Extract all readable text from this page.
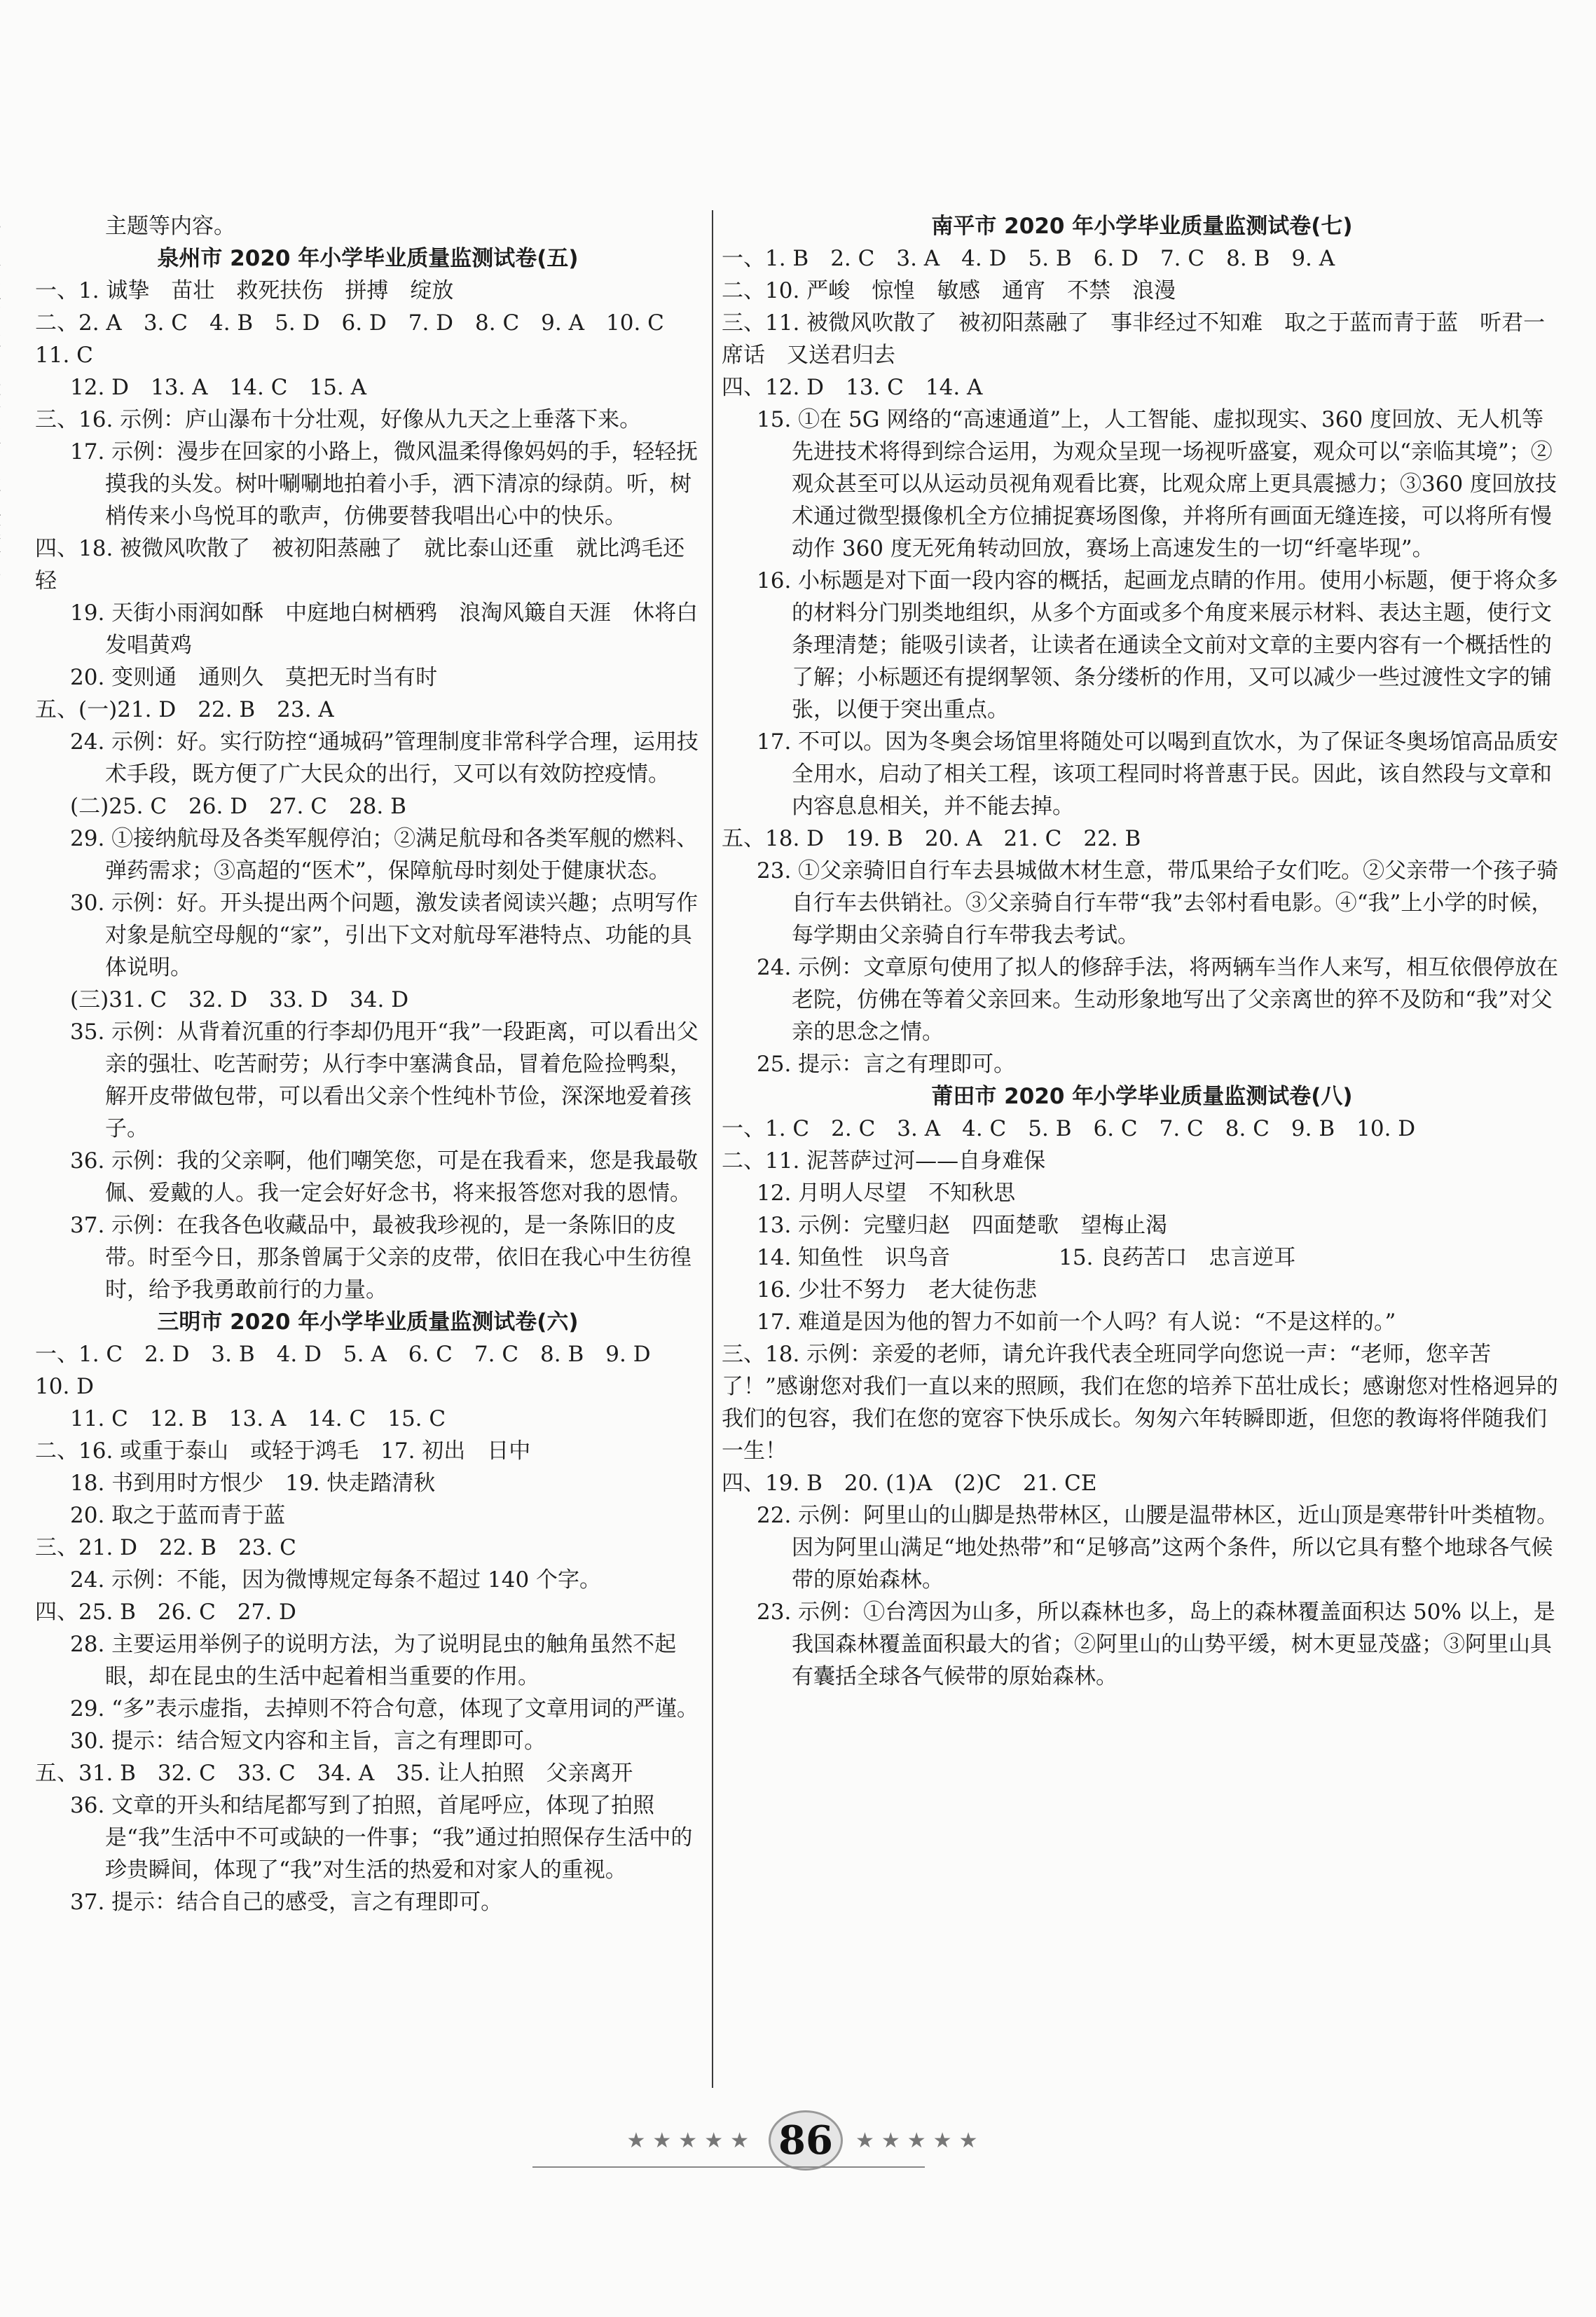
主题等内容。

泉州市 2020 年小学毕业质量监测试卷(五)

一、1. 诚挚　苗壮　救死扶伤　拼搏　绽放

二、2. A　3. C　4. B　5. D　6. D　7. D　8. C　9. A　10. C　11. C

12. D　13. A　14. C　15. A

三、16. 示例：庐山瀑布十分壮观，好像从九天之上垂落下来。

17. 示例：漫步在回家的小路上，微风温柔得像妈妈的手，轻轻抚摸我的头发。树叶唰唰地拍着小手，洒下清凉的绿荫。听，树梢传来小鸟悦耳的歌声，仿佛要替我唱出心中的快乐。

四、18. 被微风吹散了　被初阳蒸融了　就比泰山还重　就比鸿毛还轻

19. 天街小雨润如酥　中庭地白树栖鸦　浪淘风簸自天涯　休将白发唱黄鸡

20. 变则通　通则久　莫把无时当有时

五、(一)21. D　22. B　23. A

24. 示例：好。实行防控“通城码”管理制度非常科学合理，运用技术手段，既方便了广大民众的出行，又可以有效防控疫情。

(二)25. C　26. D　27. C　28. B

29. ①接纳航母及各类军舰停泊；②满足航母和各类军舰的燃料、弹药需求；③高超的“医术”，保障航母时刻处于健康状态。

30. 示例：好。开头提出两个问题，激发读者阅读兴趣；点明写作对象是航空母舰的“家”，引出下文对航母军港特点、功能的具体说明。

(三)31. C　32. D　33. D　34. D

35. 示例：从背着沉重的行李却仍甩开“我”一段距离，可以看出父亲的强壮、吃苦耐劳；从行李中塞满食品，冒着危险捡鸭梨，解开皮带做包带，可以看出父亲个性纯朴节俭，深深地爱着孩子。

36. 示例：我的父亲啊，他们嘲笑您，可是在我看来，您是我最敬佩、爱戴的人。我一定会好好念书，将来报答您对我的恩情。

37. 示例：在我各色收藏品中，最被我珍视的，是一条陈旧的皮带。时至今日，那条曾属于父亲的皮带，依旧在我心中生彷徨时，给予我勇敢前行的力量。

三明市 2020 年小学毕业质量监测试卷(六)

一、1. C　2. D　3. B　4. D　5. A　6. C　7. C　8. B　9. D　10. D

11. C　12. B　13. A　14. C　15. C

二、16. 或重于泰山　或轻于鸿毛　17. 初出　日中

18. 书到用时方恨少　19. 快走踏清秋

20. 取之于蓝而青于蓝

三、21. D　22. B　23. C

24. 示例：不能，因为微博规定每条不超过 140 个字。

四、25. B　26. C　27. D

28. 主要运用举例子的说明方法，为了说明昆虫的触角虽然不起眼，却在昆虫的生活中起着相当重要的作用。

29. “多”表示虚指，去掉则不符合句意，体现了文章用词的严谨。

30. 提示：结合短文内容和主旨，言之有理即可。

五、31. B　32. C　33. C　34. A　35. 让人拍照　父亲离开

36. 文章的开头和结尾都写到了拍照，首尾呼应，体现了拍照是“我”生活中不可或缺的一件事；“我”通过拍照保存生活中的珍贵瞬间，体现了“我”对生活的热爱和对家人的重视。

37. 提示：结合自己的感受，言之有理即可。

南平市 2020 年小学毕业质量监测试卷(七)

一、1. B　2. C　3. A　4. D　5. B　6. D　7. C　8. B　9. A

二、10. 严峻　惊惶　敏感　通宵　不禁　浪漫

三、11. 被微风吹散了　被初阳蒸融了　事非经过不知难　取之于蓝而青于蓝　听君一席话　又送君归去

四、12. D　13. C　14. A

15. ①在 5G 网络的“高速通道”上，人工智能、虚拟现实、360 度回放、无人机等先进技术将得到综合运用，为观众呈现一场视听盛宴，观众可以“亲临其境”；②观众甚至可以从运动员视角观看比赛，比观众席上更具震撼力；③360 度回放技术通过微型摄像机全方位捕捉赛场图像，并将所有画面无缝连接，可以将所有慢动作 360 度无死角转动回放，赛场上高速发生的一切“纤毫毕现”。

16. 小标题是对下面一段内容的概括，起画龙点睛的作用。使用小标题，便于将众多的材料分门别类地组织，从多个方面或多个角度来展示材料、表达主题，使行文条理清楚；能吸引读者，让读者在通读全文前对文章的主要内容有一个概括性的了解；小标题还有提纲挈领、条分缕析的作用，又可以减少一些过渡性文字的铺张，以便于突出重点。

17. 不可以。因为冬奥会场馆里将随处可以喝到直饮水，为了保证冬奥场馆高品质安全用水，启动了相关工程，该项工程同时将普惠于民。因此，该自然段与文章和内容息息相关，并不能去掉。

五、18. D　19. B　20. A　21. C　22. B

23. ①父亲骑旧自行车去县城做木材生意，带瓜果给子女们吃。②父亲带一个孩子骑自行车去供销社。③父亲骑自行车带“我”去邻村看电影。④“我”上小学的时候，每学期由父亲骑自行车带我去考试。

24. 示例：文章原句使用了拟人的修辞手法，将两辆车当作人来写，相互依偎停放在老院，仿佛在等着父亲回来。生动形象地写出了父亲离世的猝不及防和“我”对父亲的思念之情。

25. 提示：言之有理即可。

莆田市 2020 年小学毕业质量监测试卷(八)

一、1. C　2. C　3. A　4. C　5. B　6. C　7. C　8. C　9. B　10. D

二、11. 泥菩萨过河——自身难保

12. 月明人尽望　不知秋思

13. 示例：完璧归赵　四面楚歌　望梅止渴

14. 知鱼性　识鸟音　　　　　15. 良药苦口　忠言逆耳

16. 少壮不努力　老大徒伤悲

17. 难道是因为他的智力不如前一个人吗？有人说：“不是这样的。”

三、18. 示例：亲爱的老师，请允许我代表全班同学向您说一声：“老师，您辛苦了！”感谢您对我们一直以来的照顾，我们在您的培养下茁壮成长；感谢您对性格迥异的我们的包容，我们在您的宽容下快乐成长。匆匆六年转瞬即逝，但您的教诲将伴随我们一生！

四、19. B　20. (1)A　(2)C　21. CE

22. 示例：阿里山的山脚是热带林区，山腰是温带林区，近山顶是寒带针叶类植物。因为阿里山满足“地处热带”和“足够高”这两个条件，所以它具有整个地球各气候带的原始森林。

23. 示例：①台湾因为山多，所以森林也多，岛上的森林覆盖面积达 50% 以上，是我国森林覆盖面积最大的省；②阿里山的山势平缓，树木更显茂盛；③阿里山具有囊括全球各气候带的原始森林。

★★★★★ 86	★★★★★
